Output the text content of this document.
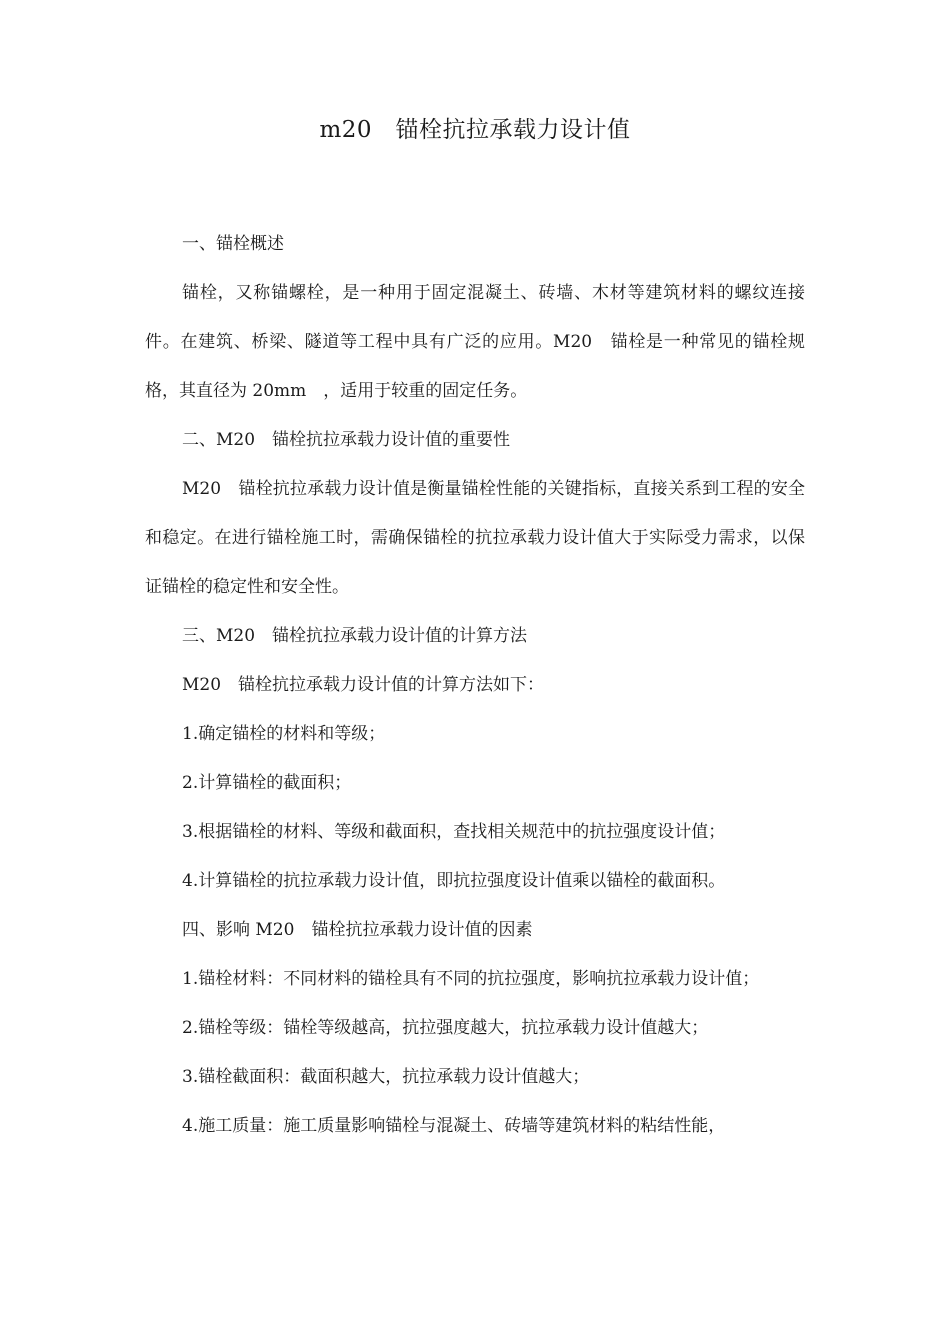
m20　锚栓抗拉承载力设计值

一、锚栓概述

锚栓，又称锚螺栓，是一种用于固定混凝土、砖墙、木材等建筑材料的螺纹连接件。在建筑、桥梁、隧道等工程中具有广泛的应用。M20　锚栓是一种常见的锚栓规格，其直径为 20mm　，适用于较重的固定任务。

二、M20　锚栓抗拉承载力设计值的重要性

M20　锚栓抗拉承载力设计值是衡量锚栓性能的关键指标，直接关系到工程的安全和稳定。在进行锚栓施工时，需确保锚栓的抗拉承载力设计值大于实际受力需求，以保证锚栓的稳定性和安全性。

三、M20　锚栓抗拉承载力设计值的计算方法

M20　锚栓抗拉承载力设计值的计算方法如下：

1.确定锚栓的材料和等级；

2.计算锚栓的截面积；

3.根据锚栓的材料、等级和截面积，查找相关规范中的抗拉强度设计值；

4.计算锚栓的抗拉承载力设计值，即抗拉强度设计值乘以锚栓的截面积。

四、影响 M20　锚栓抗拉承载力设计值的因素

1.锚栓材料：不同材料的锚栓具有不同的抗拉强度，影响抗拉承载力设计值；

2.锚栓等级：锚栓等级越高，抗拉强度越大，抗拉承载力设计值越大；

3.锚栓截面积：截面积越大，抗拉承载力设计值越大；

4.施工质量：施工质量影响锚栓与混凝土、砖墙等建筑材料的粘结性能，
